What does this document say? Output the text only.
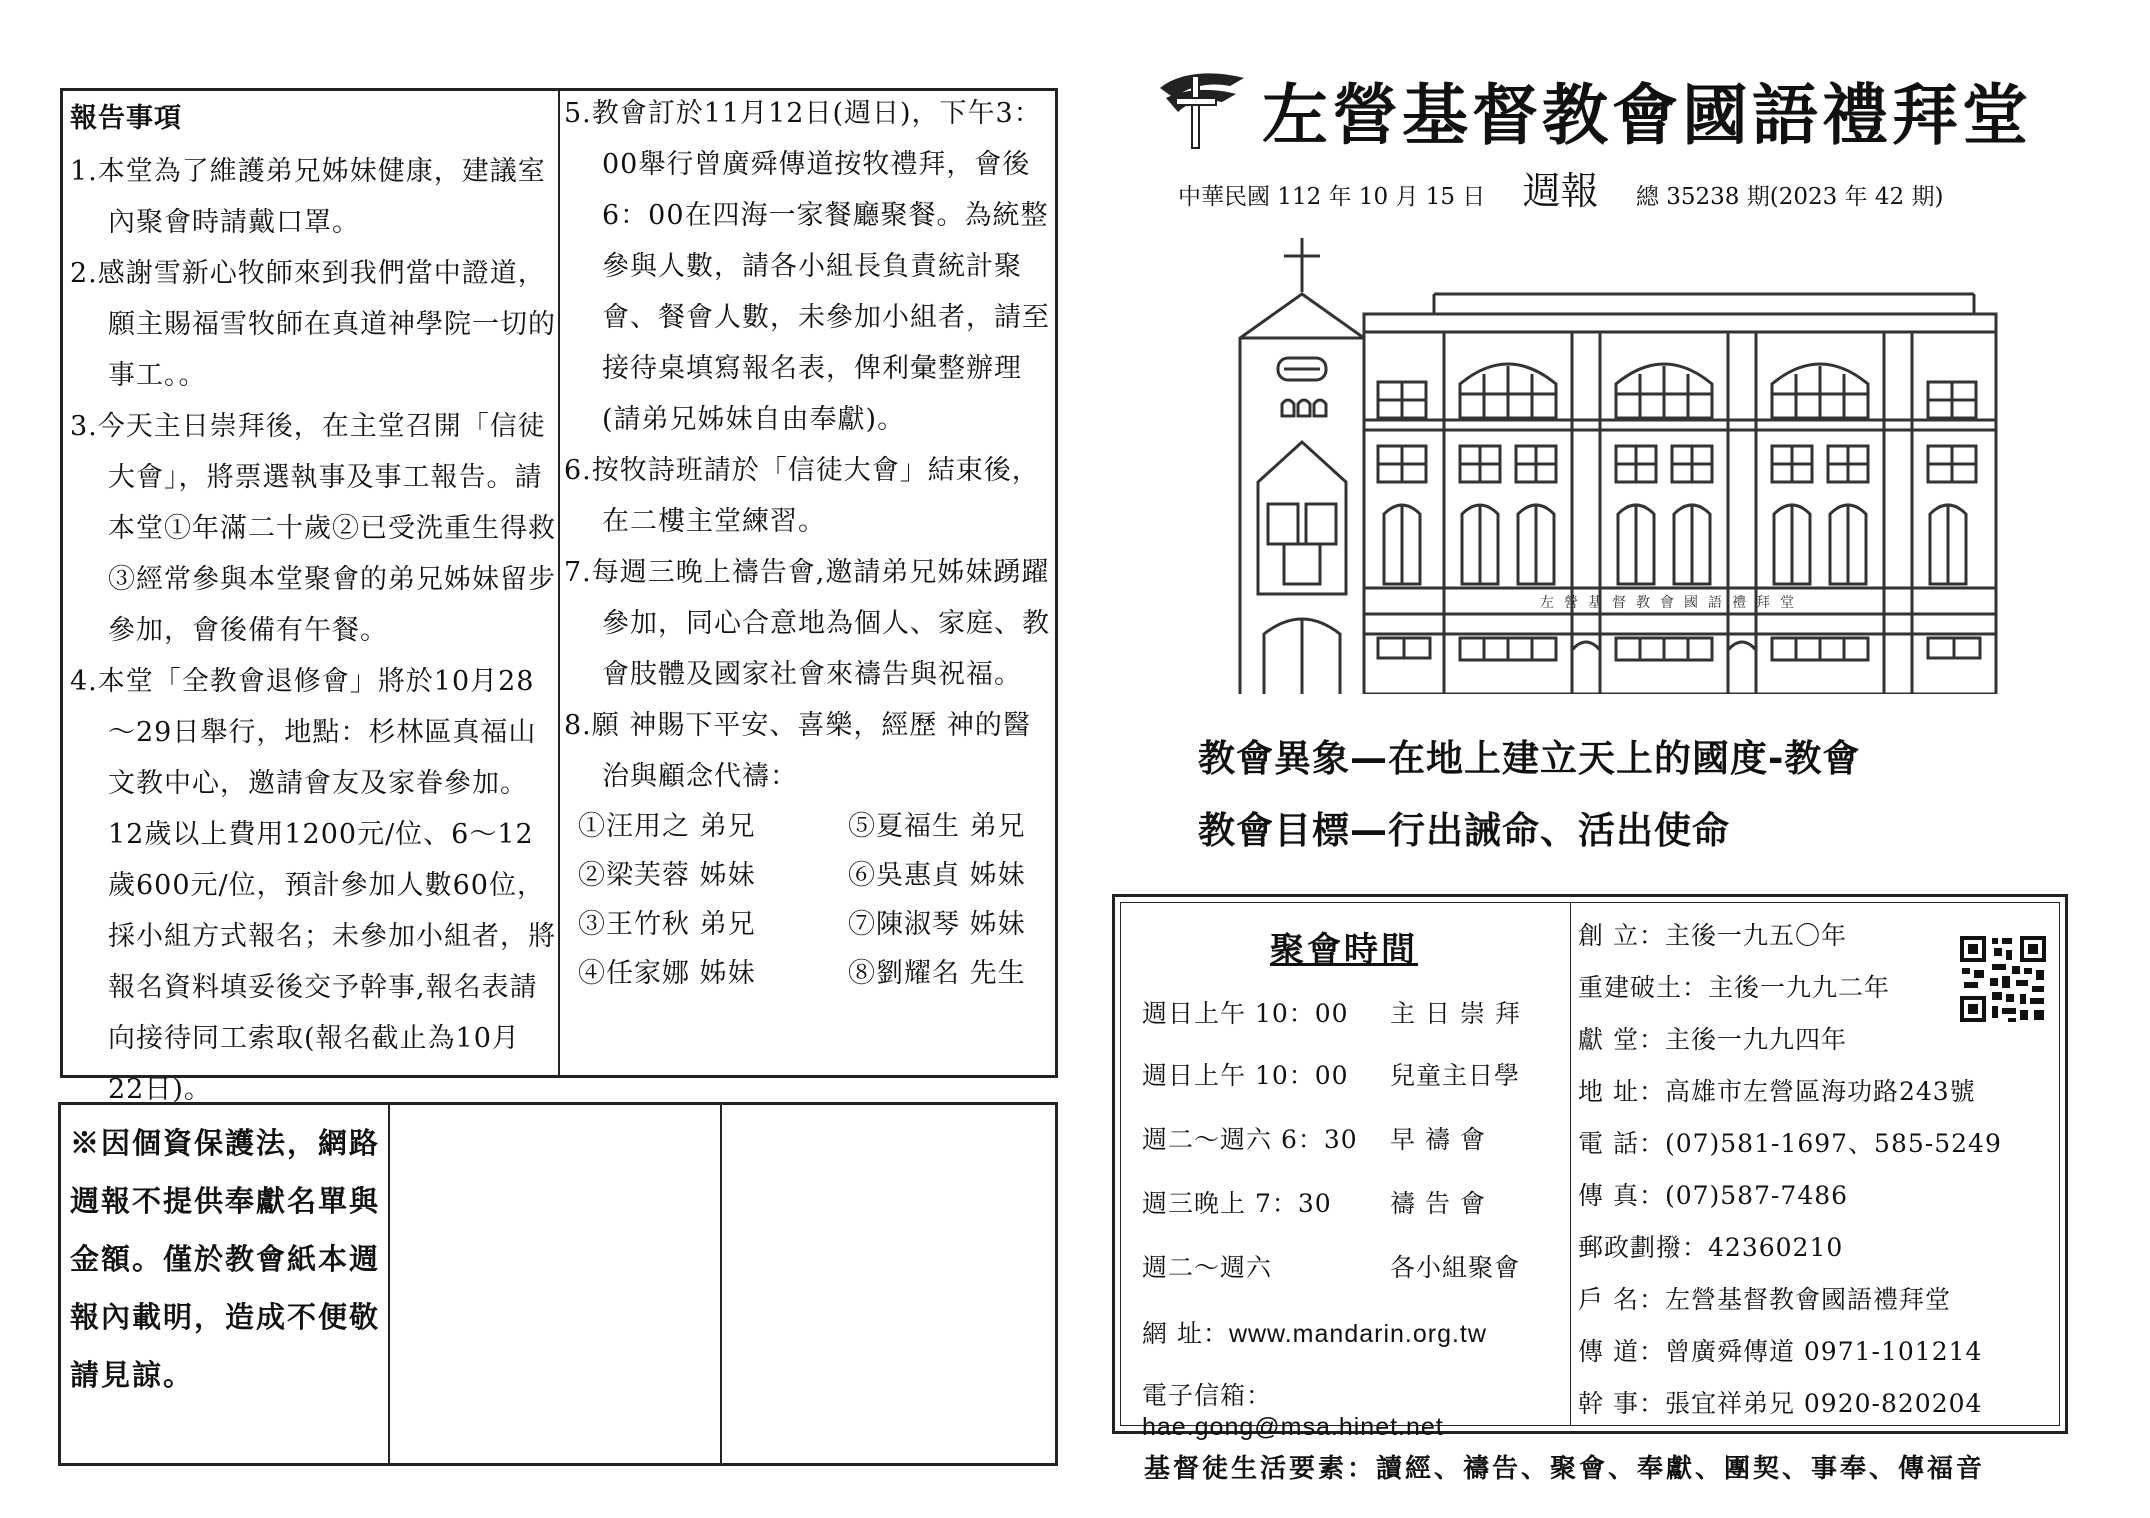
報告事項

1.本堂為了維護弟兄姊妹健康，建議室內聚會時請戴口罩。

2.感謝雪新心牧師來到我們當中證道，願主賜福雪牧師在真道神學院一切的事工。。

3.今天主日崇拜後，在主堂召開「信徒大會」，將票選執事及事工報告。請本堂①年滿二十歲②已受洗重生得救③經常參與本堂聚會的弟兄姊妹留步參加，會後備有午餐。

4.本堂「全教會退修會」將於10月28～29日舉行，地點：杉林區真福山文教中心，邀請會友及家眷參加。12歲以上費用1200元/位、6～12歲600元/位，預計參加人數60位，採小組方式報名；未參加小組者，將報名資料填妥後交予幹事,報名表請向接待同工索取(報名截止為10月22日)。

5.教會訂於11月12日(週日)，下午3：00舉行曾廣舜傳道按牧禮拜，會後6：00在四海一家餐廳聚餐。為統整參與人數，請各小組長負責統計聚會、餐會人數，未參加小組者，請至接待桌填寫報名表，俾利彙整辦理(請弟兄姊妹自由奉獻)。

6.按牧詩班請於「信徒大會」結束後，在二樓主堂練習。

7.每週三晚上禱告會,邀請弟兄姊妹踴躍參加，同心合意地為個人、家庭、教會肢體及國家社會來禱告與祝福。

8.願 神賜下平安、喜樂，經歷 神的醫治與顧念代禱：

①汪用之 弟兄	⑤夏福生 弟兄
②梁芙蓉 姊妹	⑥吳惠貞 姊妹
③王竹秋 弟兄	⑦陳淑琴 姊妹
④任家娜 姊妹	⑧劉耀名 先生
※因個資保護法，網路週報不提供奉獻名單與金額。僅於教會紙本週報內載明，造成不便敬請見諒。
左營基督教會國語禮拜堂
中華民國 112 年 10 月 15 日 週報 總 35238 期(2023 年 42 期)
左營基督教會國語禮拜堂
教會異象—在地上建立天上的國度-教會
教會目標—行出誡命、活出使命
聚會時間
週日上午 10：00 主 日 崇 拜
週日上午 10：00 兒童主日學
週二～週六 6：30 早 禱 會
週三晚上 7：30 禱 告 會
週二～週六	各小組聚會
網 址：www.mandarin.org.tw
電子信箱：hae.gong@msa.hinet.net
創 立：主後一九五〇年
重建破土：主後一九九二年
獻 堂：主後一九九四年
地 址：高雄市左營區海功路243號
電 話：(07)581-1697、585-5249
傳 真：(07)587-7486
郵政劃撥：42360210
戶 名：左營基督教會國語禮拜堂
傳 道：曾廣舜傳道 0971-101214
幹 事：張宜祥弟兄 0920-820204
基督徒生活要素：讀經、禱告、聚會、奉獻、團契、事奉、傳福音
